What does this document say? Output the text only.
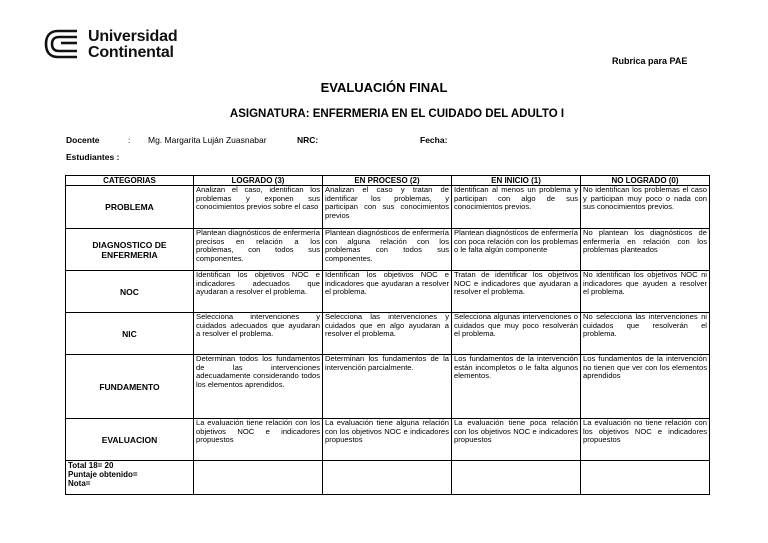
Universidad
Continental	Rubrica para PAE
EVALUACIÓN FINAL
ASIGNATURA: ENFERMERIA EN EL CUIDADO DEL ADULTO I
Docente	: Mg. Margarita Luján Zuasnabar	NRC:	Fecha:
Estudiantes :
CATEGORIAS	LOGRADO (3)	EN PROCESO (2)	EN INICIO (1)	NO LOGRADO (0)
PROBLEMA	Analizan el caso, identifican los problemas y exponen sus conocimientos previos sobre el caso	Analizan el caso y tratan de identificar los problemas, y participan con sus conocimientos previos	Identifican al menos un problema y participan con algo de sus conocimientos previos.	No identifican los problemas el caso y participan muy poco o nada con sus conocimientos previos.
DIAGNOSTICO DE ENFERMERIA	Plantean diagnósticos de enfermería precisos en relación a los problemas, con todos sus componentes.	Plantean diagnósticos de enfermería con alguna relación con los problemas con todos sus componentes.	Plantean diagnósticos de enfermería con poca relación con los problemas o le falta algún componente	No plantean los diagnósticos de enfermería en relación con los problemas planteados
NOC	Identifican los objetivos NOC e indicadores adecuados que ayudaran a resolver el problema.	Identifican los objetivos NOC e indicadores que ayudaran a resolver el problema.	Tratan de identificar los objetivos NOC e indicadores que ayudaran a resolver el problema.	No identifican los objetivos NOC ni indicadores que ayuden a resolver el problema.
NIC	Selecciona intervenciones y cuidados adecuados que ayudaran a resolver el problema.	Selecciona las intervenciones y cuidados que en algo ayudaran a resolver el problema.	Selecciona algunas intervenciones o cuidados que muy poco resolverán el problema.	No selecciona las intervenciones ni cuidados que resolverán el problema.
FUNDAMENTO	Determinan todos los fundamentos de las intervenciones adecuadamente considerando todos los elementos aprendidos.	Determinan los fundamentos de la intervención parcialmente.	Los fundamentos de la intervención están incompletos o le falta algunos elementos.	Los fundamentos de la intervención no tienen que ver con los elementos aprendidos
EVALUACION	La evaluación tiene relación con los objetivos NOC e indicadores propuestos	La evaluación tiene alguna relación con los objetivos NOC e indicadores propuestos	La evaluación tiene poca relación con los objetivos NOC e indicadores propuestos	La evaluación no tiene relación con los objetivos NOC e indicadores propuestos

Total 18= 20
Puntaje obtenido=
Nota=				
